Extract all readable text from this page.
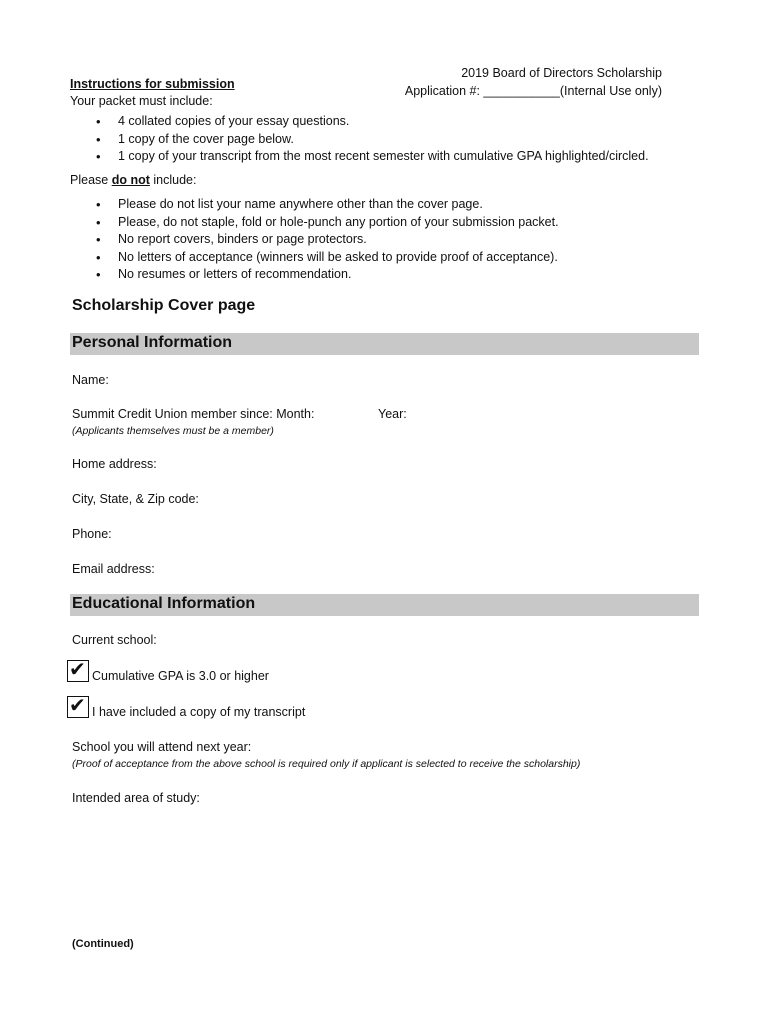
2019 Board of Directors Scholarship
Application #: ___________(Internal Use only)
Instructions for submission
Your packet must include:
• 4 collated copies of your essay questions.
• 1 copy of the cover page below.
• 1 copy of your transcript from the most recent semester with cumulative GPA highlighted/circled.
Please do not include:
• Please do not list your name anywhere other than the cover page.
• Please, do not staple, fold or hole-punch any portion of your submission packet.
• No report covers, binders or page protectors.
• No letters of acceptance (winners will be asked to provide proof of acceptance).
• No resumes or letters of recommendation.
Scholarship Cover page
Personal Information
Name:
Summit Credit Union member since: Month:	Year:
(Applicants themselves must be a member)
Home address:
City, State, & Zip code:
Phone:
Email address:
Educational Information
Current school:
✔ Cumulative GPA is 3.0 or higher
✔ I have included a copy of my transcript
School you will attend next year:
(Proof of acceptance from the above school is required only if applicant is selected to receive the scholarship)
Intended area of study:
(Continued)
